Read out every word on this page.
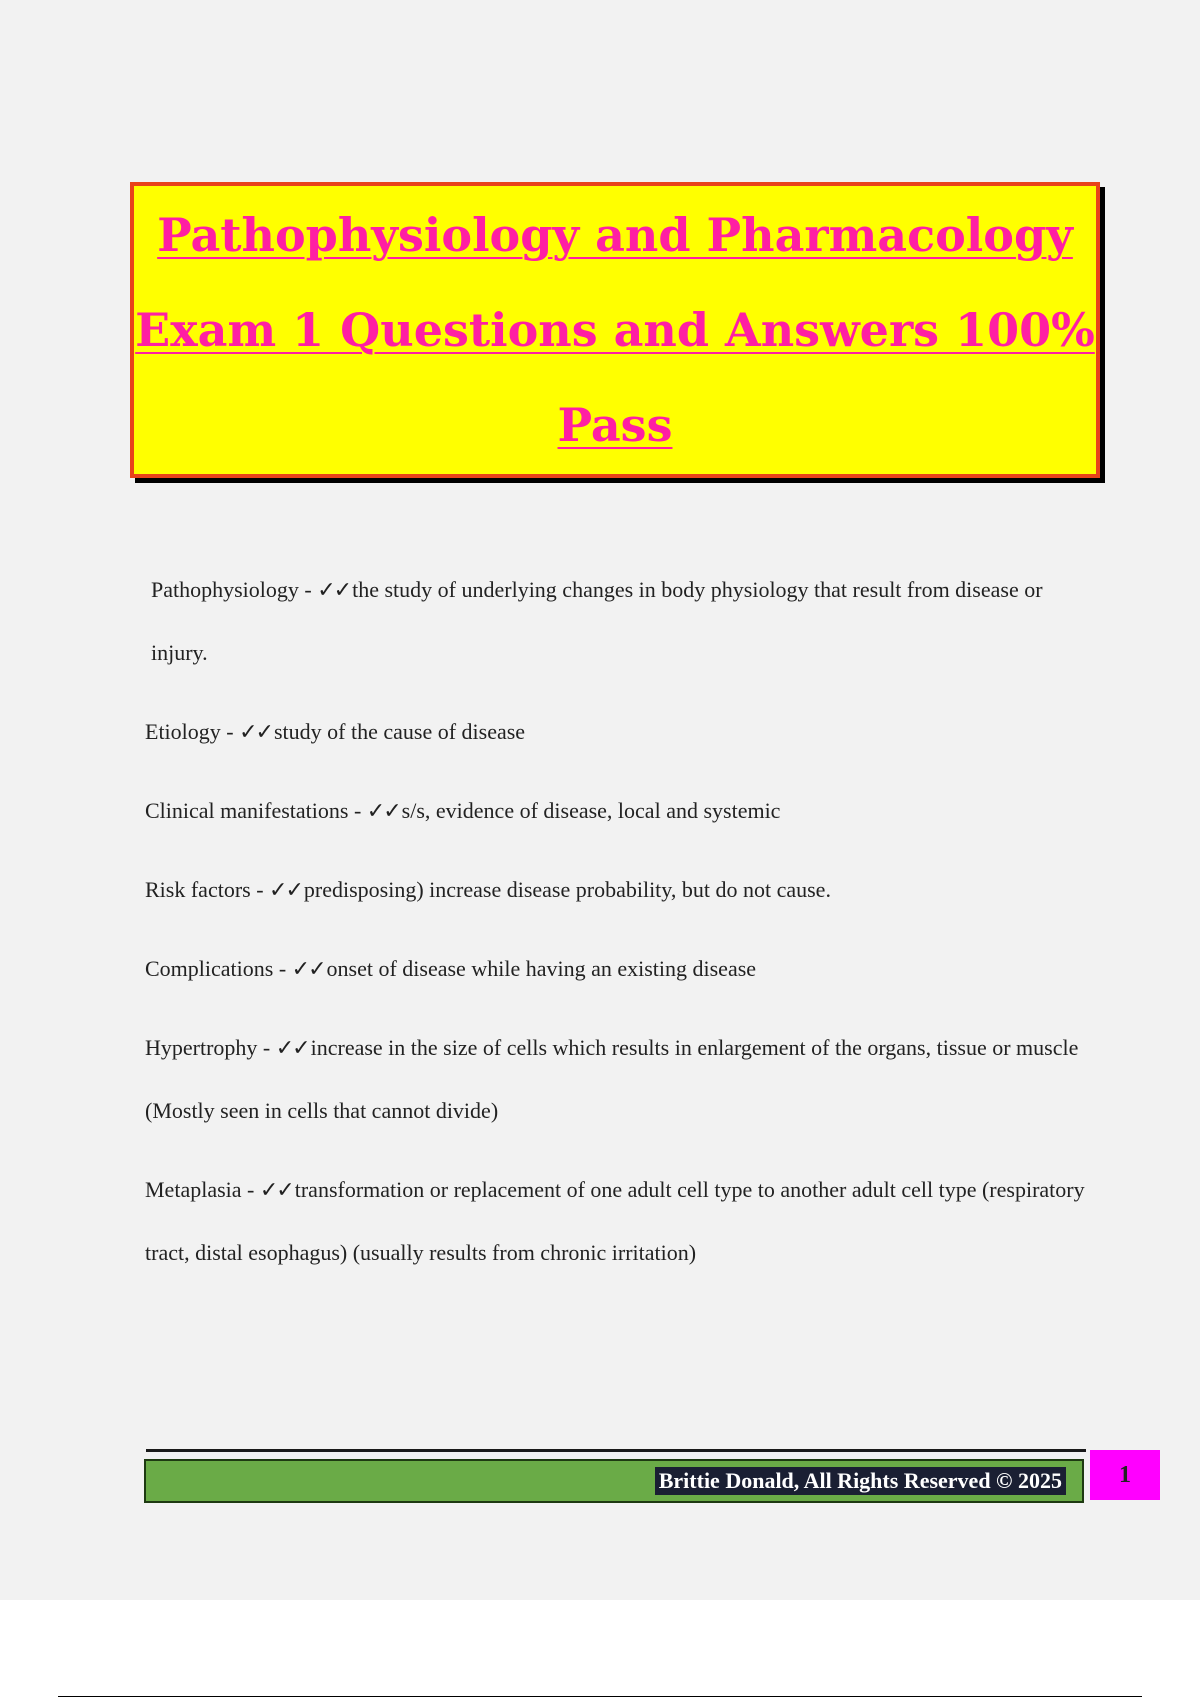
Pathophysiology and Pharmacology
Exam 1 Questions and Answers 100%
Pass

Pathophysiology - ✓✓the study of underlying changes in body physiology that result from disease or injury.

Etiology - ✓✓study of the cause of disease

Clinical manifestations - ✓✓s/s, evidence of disease, local and systemic

Risk factors - ✓✓predisposing) increase disease probability, but do not cause.

Complications - ✓✓onset of disease while having an existing disease

Hypertrophy - ✓✓increase in the size of cells which results in enlargement of the organs, tissue or muscle (Mostly seen in cells that cannot divide)

Metaplasia - ✓✓transformation or replacement of one adult cell type to another adult cell type (respiratory tract, distal esophagus) (usually results from chronic irritation)

Brittie Donald, All Rights Reserved © 2025	1
